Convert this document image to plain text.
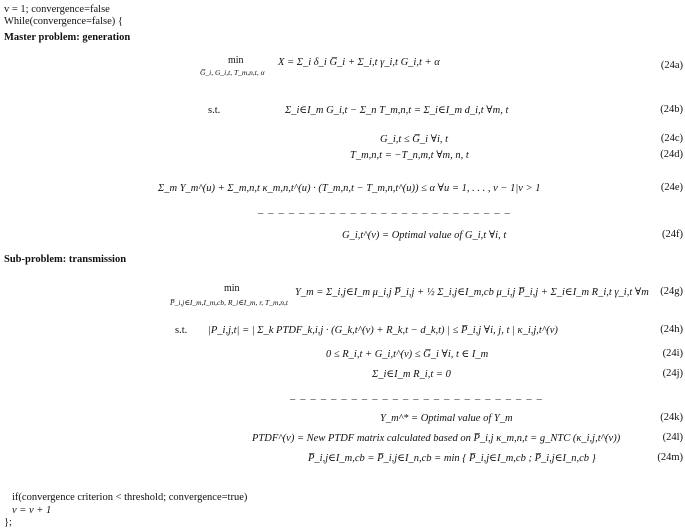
v = 1; convergence=false
While(convergence=false) {
Master problem: generation
min
G̅_i, G_i,t, T_m,n,t, α
X = Σ_i δ_i G̅_i + Σ_i,t γ_i,t G_i,t + α
s.t.	Σ_i∈I_m G_i,t − Σ_n T_m,n,t = Σ_i∈I_m d_i,t ∀m, t
G_i,t ≤ G̅_i ∀i, t
T_m,n,t = −T_n,m,t ∀m, n, t
Σ_m Y_m^(u) + Σ_m,n,t κ_m,n,t^(u) · (T_m,n,t − T_m,n,t^(u)) ≤ α ∀u = 1, . . . , v − 1|v > 1
– – – – – – – – – – – – – – – – – – – – – – – – –
G_i,t^(v) = Optimal value of G_i,t ∀i, t
Sub-problem: transmission
min
P̅_i,j∈I_m,I_m,cb, R_i∈I_m, r, T_m,n,t
Y_m = Σ_i,j∈I_m μ_i,j P̅_i,j + ½ Σ_i,j∈I_m,cb μ_i,j P̅_i,j + Σ_i∈I_m R_i,t γ_i,t ∀m
s.t. |P_i,j,t| = | Σ_k PTDF_k,i,j · (G_k,t^(v) + R_k,t − d_k,t) | ≤ P̅_i,j ∀i, j, t | κ_i,j,t^(v)
0 ≤ R_i,t + G_i,t^(v) ≤ G̅_i ∀i, t ∈ I_m
Σ_i∈I_m R_i,t = 0
– – – – – – – – – – – – – – – – – – – – – – – – –
Y_m^* = Optimal value of Y_m
PTDF^(v) = New PTDF matrix calculated based on P̅_i,j κ_m,n,t = g_NTC (κ_i,j,t^(v))
P̅_i,j∈I_m,cb = P̅_i,j∈I_n,cb = min { P̅_i,j∈I_m,cb ; P̅_i,j∈I_n,cb }
(24a)
(24b)
(24c)
(24d)
(24e)
(24f)
(24g)
(24h)
(24i)
(24j)
(24k)
(24l)
(24m)
if(convergence criterion < threshold; convergence=true)
v = v + 1
};
